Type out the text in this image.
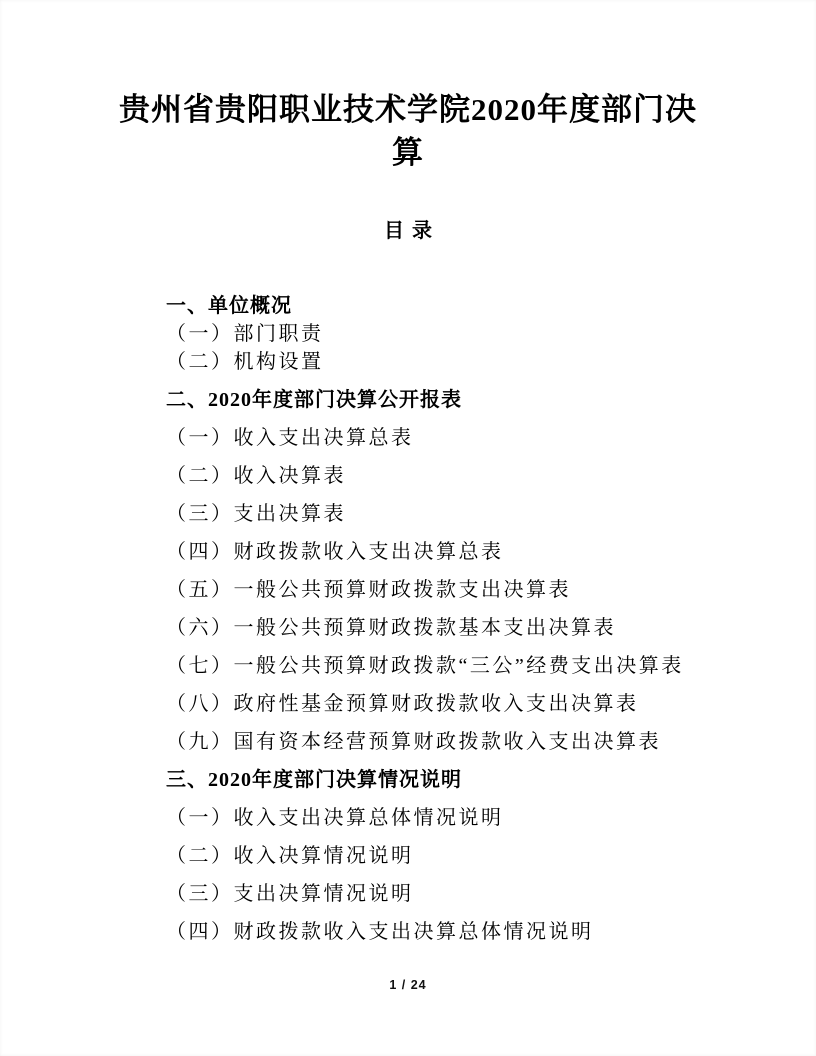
贵州省贵阳职业技术学院2020年度部门决
算
目录
一、单位概况
（一）部门职责
（二）机构设置
二、2020年度部门决算公开报表
（一）收入支出决算总表
（二）收入决算表
（三）支出决算表
（四）财政拨款收入支出决算总表
（五）一般公共预算财政拨款支出决算表
（六）一般公共预算财政拨款基本支出决算表
（七）一般公共预算财政拨款“三公”经费支出决算表
（八）政府性基金预算财政拨款收入支出决算表
（九）国有资本经营预算财政拨款收入支出决算表
三、2020年度部门决算情况说明
（一）收入支出决算总体情况说明
（二）收入决算情况说明
（三）支出决算情况说明
（四）财政拨款收入支出决算总体情况说明
1 / 24
